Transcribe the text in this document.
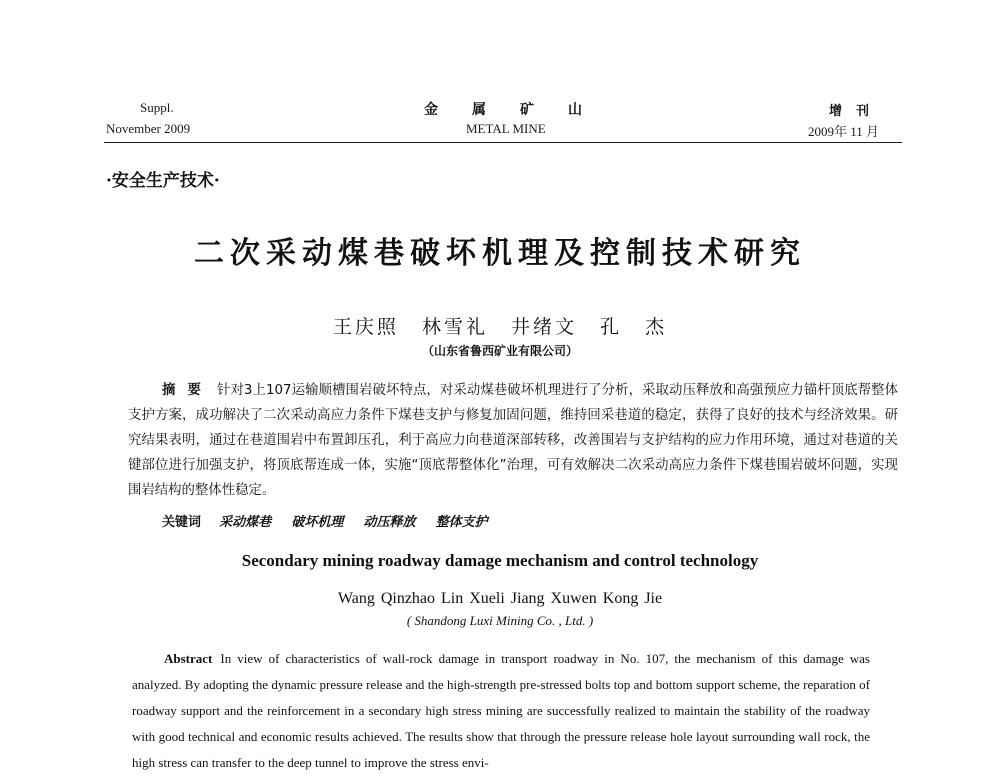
Suppl.
November 2009
金属矿山
METAL MINE
增刊
2009年 11 月
·安全生产技术·
二次采动煤巷破坏机理及控制技术研究
王庆照 林雪礼 井绪文 孔 杰
（山东省鲁西矿业有限公司）
摘要 针对3上107运输顺槽围岩破坏特点，对采动煤巷破坏机理进行了分析，采取动压释放和高强预应力锚杆顶底帮整体支护方案，成功解决了二次采动高应力条件下煤巷支护与修复加固问题，维持回采巷道的稳定，获得了良好的技术与经济效果。研究结果表明，通过在巷道围岩中布置卸压孔，利于高应力向巷道深部转移，改善围岩与支护结构的应力作用环境，通过对巷道的关键部位进行加强支护，将顶底帮连成一体，实施“顶底帮整体化”治理，可有效解决二次采动高应力条件下煤巷围岩破坏问题，实现围岩结构的整体性稳定。
关键词 采动煤巷 破坏机理 动压释放 整体支护
Secondary mining roadway damage mechanism and control technology
Wang Qinzhao Lin Xueli Jiang Xuwen Kong Jie
( Shandong Luxi Mining Co. , Ltd. )
Abstract In view of characteristics of wall-rock damage in transport roadway in No. 107, the mechanism of this damage was analyzed. By adopting the dynamic pressure release and the high-strength pre-stressed bolts top and bottom support scheme, the reparation of roadway support and the reinforcement in a secondary high stress mining are successfully realized to maintain the stability of the roadway with good technical and economic results achieved. The results show that through the pressure release hole layout surrounding wall rock, the high stress can transfer to the deep tunnel to improve the stress envi-
